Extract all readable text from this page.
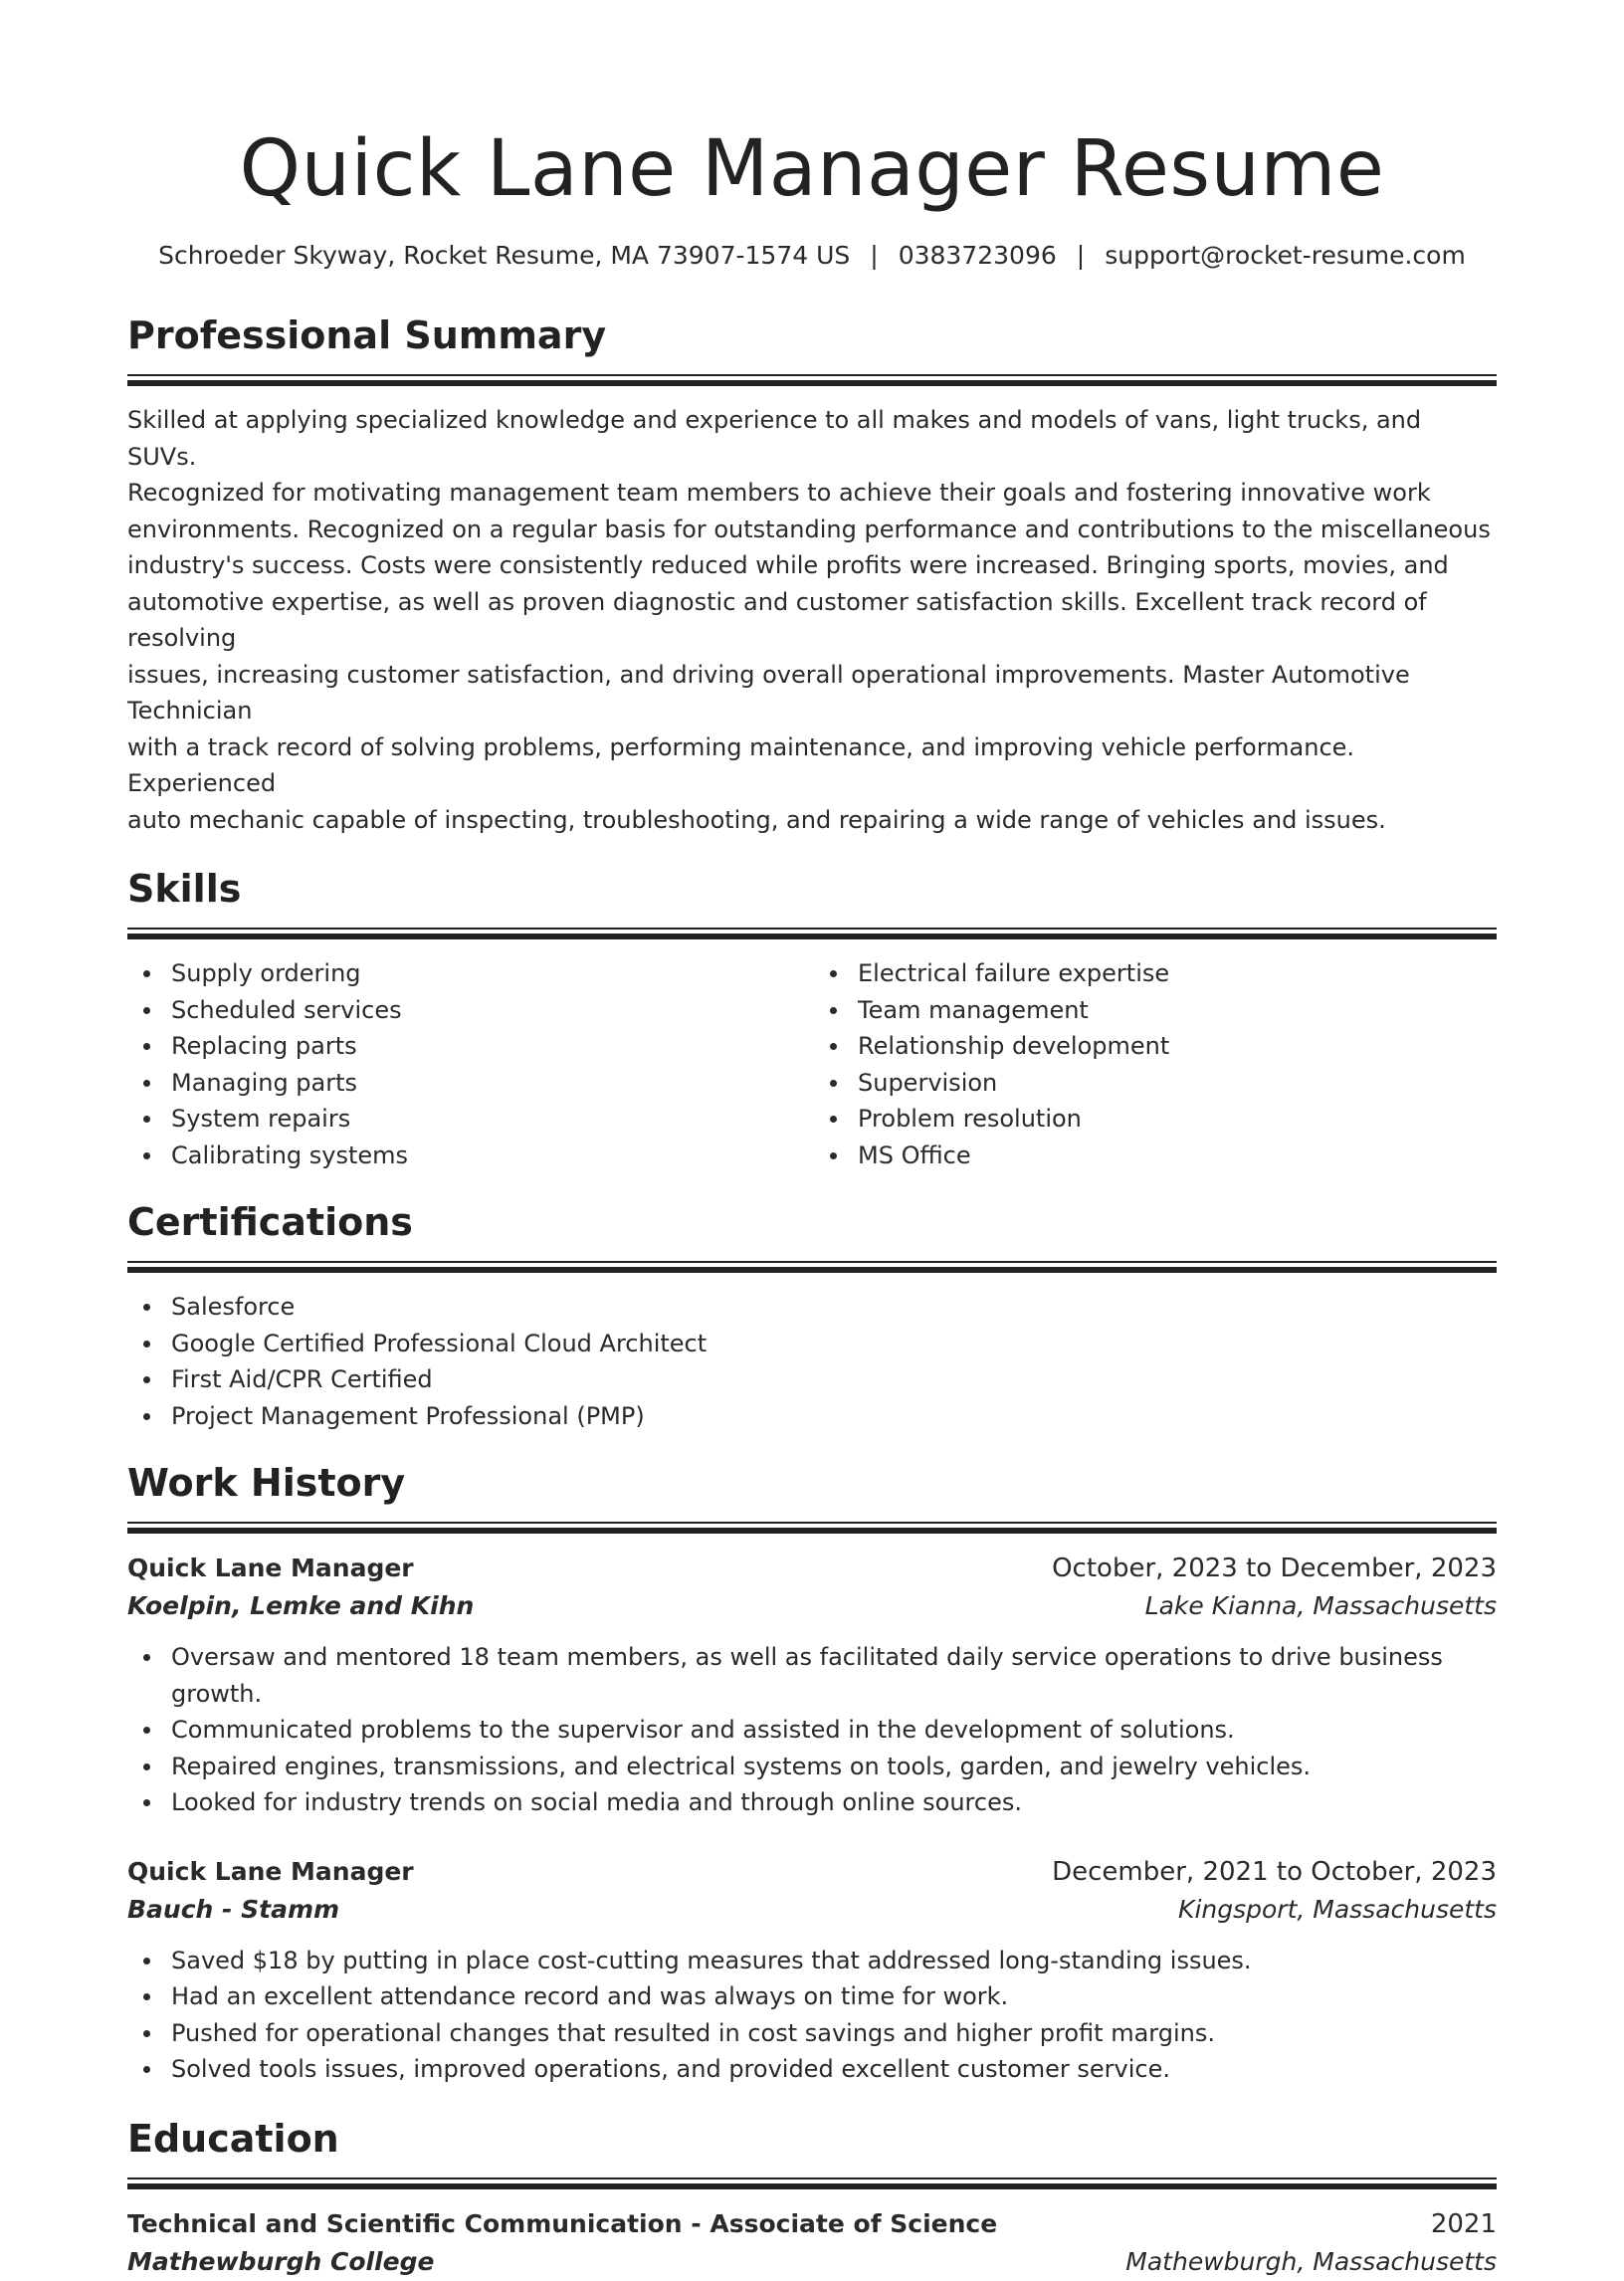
Quick Lane Manager Resume
Schroeder Skyway, Rocket Resume, MA 73907-1574 US | 0383723096 | support@rocket-resume.com
Professional Summary
Skilled at applying specialized knowledge and experience to all makes and models of vans, light trucks, and SUVs.
Recognized for motivating management team members to achieve their goals and fostering innovative work
environments. Recognized on a regular basis for outstanding performance and contributions to the miscellaneous
industry's success. Costs were consistently reduced while profits were increased. Bringing sports, movies, and
automotive expertise, as well as proven diagnostic and customer satisfaction skills. Excellent track record of resolving
issues, increasing customer satisfaction, and driving overall operational improvements. Master Automotive Technician
with a track record of solving problems, performing maintenance, and improving vehicle performance. Experienced
auto mechanic capable of inspecting, troubleshooting, and repairing a wide range of vehicles and issues.
Skills
Supply ordering
Scheduled services
Replacing parts
Managing parts
System repairs
Calibrating systems
Electrical failure expertise
Team management
Relationship development
Supervision
Problem resolution
MS Office
Certifications
Salesforce
Google Certified Professional Cloud Architect
First Aid/CPR Certified
Project Management Professional (PMP)
Work History
Quick Lane Manager	October, 2023 to December, 2023
Koelpin, Lemke and Kihn	Lake Kianna, Massachusetts
Oversaw and mentored 18 team members, as well as facilitated daily service operations to drive business growth.
Communicated problems to the supervisor and assisted in the development of solutions.
Repaired engines, transmissions, and electrical systems on tools, garden, and jewelry vehicles.
Looked for industry trends on social media and through online sources.
Quick Lane Manager	December, 2021 to October, 2023
Bauch - Stamm	Kingsport, Massachusetts
Saved $18 by putting in place cost-cutting measures that addressed long-standing issues.
Had an excellent attendance record and was always on time for work.
Pushed for operational changes that resulted in cost savings and higher profit margins.
Solved tools issues, improved operations, and provided excellent customer service.
Education
Technical and Scientific Communication - Associate of Science	2021
Mathewburgh College	Mathewburgh, Massachusetts
